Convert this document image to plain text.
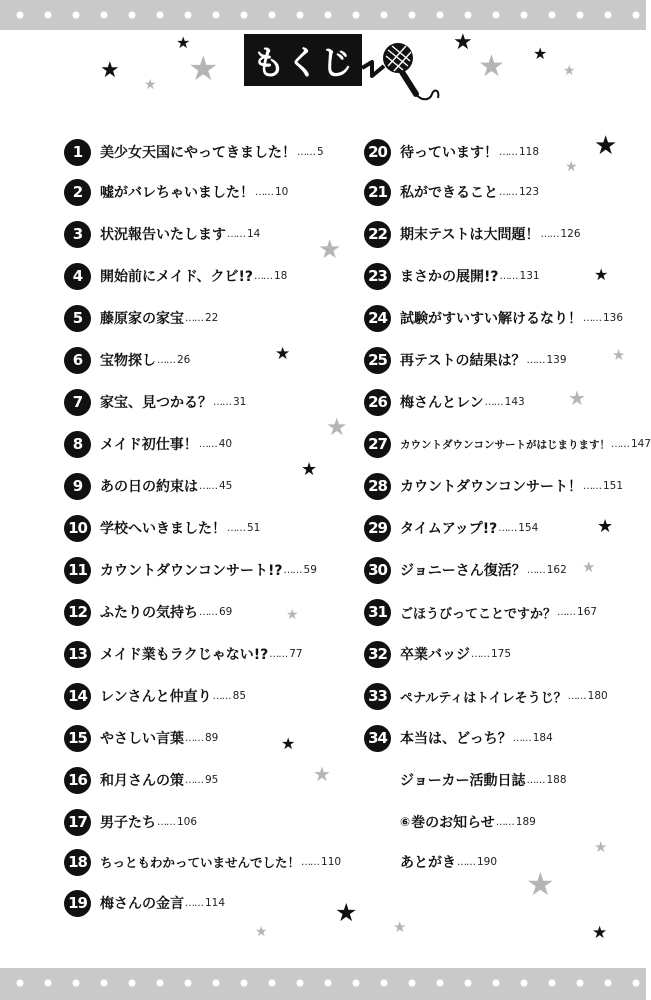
もくじ
★
★ ★
★
★
★ ★
★
★
★
★
★
★	★
★
★
★
★
★
★
★
★
★
★
★ ★	★
★
1	美少女天国にやってきました！ …… 5
2	嘘がバレちゃいました！ …… 10
3	状況報告いたします …… 14
4	開始前にメイド、クビ!? …… 18
5	藤原家の家宝 …… 22
6	宝物探し …… 26
7	家宝、見つかる？ …… 31
8	メイド初仕事！ …… 40
9	あの日の約束は …… 45
10 学校へいきました！ …… 51
11 カウントダウンコンサート!? …… 59
12 ふたりの気持ち …… 69
13 メイド業もラクじゃない!? …… 77
14 レンさんと仲直り …… 85
15 やさしい言葉 …… 89
16 和月さんの策 …… 95
17 男子たち …… 106
18	ちっともわかっていませんでした！ …… 110
19 梅さんの金言 …… 114
20 待っています！ …… 118
21 私ができること …… 123
22 期末テストは大問題！ …… 126
23 まさかの展開!? …… 131
24 試験がすいすい解けるなり！ …… 136
25 再テストの結果は？ …… 139
26 梅さんとレン …… 143
27	カウントダウンコンサートがはじまります！ …… 147
28 カウントダウンコンサート！ …… 151
29 タイムアップ!? …… 154
30 ジョニーさん復活？ …… 162
31	ごほうびってことですか？ …… 167
32 卒業バッジ …… 175
33	ペナルティはトイレそうじ？ …… 180
34 本当は、どっち？ …… 184
ジョーカー活動日誌 …… 188
⑥ 巻のお知らせ …… 189
あとがき …… 190
